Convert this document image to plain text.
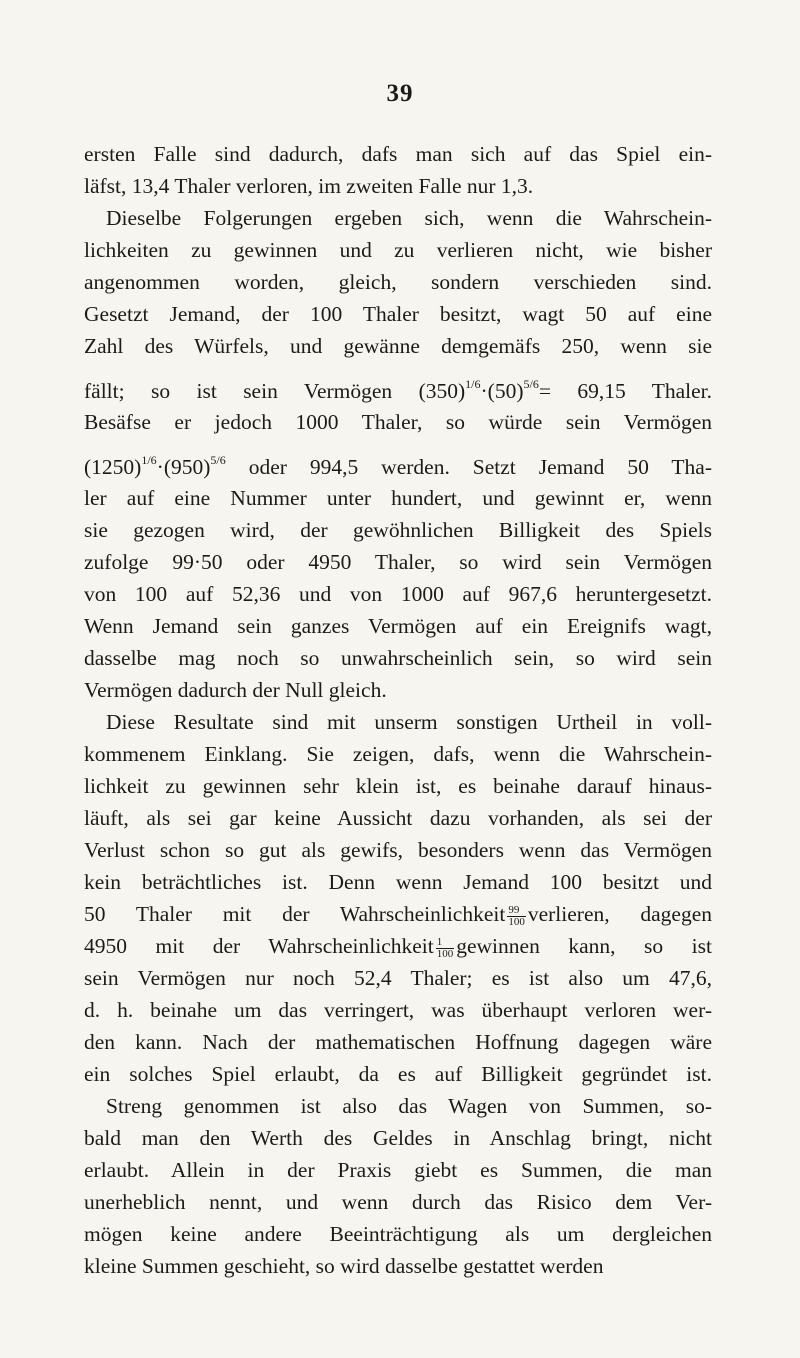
39
ersten Falle sind dadurch, dafs man sich auf das Spiel ein-
läfst, 13,4 Thaler verloren, im zweiten Falle nur 1,3.
Dieselbe Folgerungen ergeben sich, wenn die Wahrschein-
lichkeiten zu gewinnen und zu verlieren nicht, wie bisher
angenommen worden, gleich, sondern verschieden sind.
Gesetzt Jemand, der 100 Thaler besitzt, wagt 50 auf eine
Zahl des Würfels, und gewänne demgemäfs 250, wenn sie
fällt; so ist sein Vermögen $(350)^{1/6}\cdot(50)^{5/6}= 69,15$ Thaler.
Besäfse er jedoch 1000 Thaler, so würde sein Vermögen
$(1250)^{1/6}\cdot(950)^{5/6}$ oder 994,5 werden. Setzt Jemand 50 Tha-
ler auf eine Nummer unter hundert, und gewinnt er, wenn
sie gezogen wird, der gewöhnlichen Billigkeit des Spiels
zufolge 99·50 oder 4950 Thaler, so wird sein Vermögen
von 100 auf 52,36 und von 1000 auf 967,6 heruntergesetzt.
Wenn Jemand sein ganzes Vermögen auf ein Ereignifs wagt,
dasselbe mag noch so unwahrscheinlich sein, so wird sein
Vermögen dadurch der Null gleich.
Diese Resultate sind mit unserm sonstigen Urtheil in voll-
kommenem Einklang. Sie zeigen, dafs, wenn die Wahrschein-
lichkeit zu gewinnen sehr klein ist, es beinahe darauf hinaus-
läuft, als sei gar keine Aussicht dazu vorhanden, als sei der
Verlust schon so gut als gewifs, besonders wenn das Vermögen
kein beträchtliches ist. Denn wenn Jemand 100 besitzt und
50 Thaler mit der Wahrscheinlichkeit $\frac{99}{100}$ verlieren, dagegen
4950 mit der Wahrscheinlichkeit $\frac{1}{100}$ gewinnen kann, so ist
sein Vermögen nur noch 52,4 Thaler; es ist also um 47,6,
d. h. beinahe um das verringert, was überhaupt verloren wer-
den kann. Nach der mathematischen Hoffnung dagegen wäre
ein solches Spiel erlaubt, da es auf Billigkeit gegründet ist.
Streng genommen ist also das Wagen von Summen, so-
bald man den Werth des Geldes in Anschlag bringt, nicht
erlaubt. Allein in der Praxis giebt es Summen, die man
unerheblich nennt, und wenn durch das Risico dem Ver-
mögen keine andere Beeinträchtigung als um dergleichen
kleine Summen geschieht, so wird dasselbe gestattet werden
